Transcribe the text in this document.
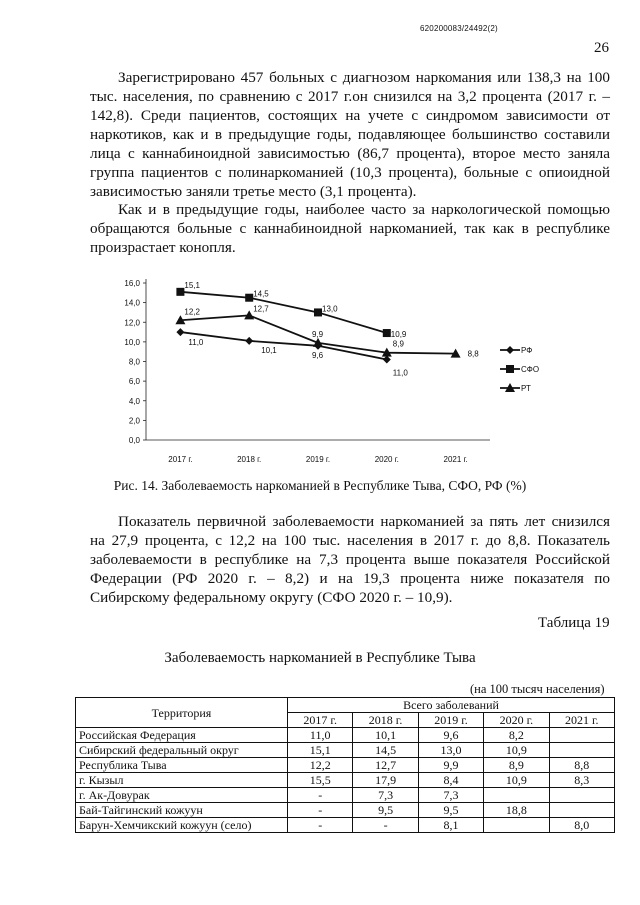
620200083/24492(2)
26

Зарегистрировано 457 больных с диагнозом наркомания или 138,3 на 100 тыс. населения, по сравнению с 2017 г.он снизился на 3,2 процента (2017 г. – 142,8). Среди пациентов, состоящих на учете с синдромом зависимости от наркотиков, как и в предыдущие годы, подавляющее большинство составили лица с каннабиноидной зависимостью (86,7 процента), второе место заняла группа пациентов с полинаркоманией (10,3 процента), больные с опиоидной зависимостью заняли третье место (3,1 процента).

Как и в предыдущие годы, наиболее часто за наркологической помощью обращаются больные с каннабиноидной наркоманией, так как в республике произрастает конопля.

0,0
2,0
4,0
6,0
8,0
10,0
12,0
14,0
16,0
2017 г.	2018 г.	2019 г.	2020 г.	2021 г.
11,0
10,1
9,6
11,0
15,1
14,5
13,0
10,9
12,2	12,7
9,9
8,9
8,8	РФ
СФО
РТ
Рис. 14. Заболеваемость наркоманией в Республике Тыва, СФО, РФ (%)

Показатель первичной заболеваемости наркоманией за пять лет снизился на 27,9 процента, с 12,2 на 100 тыс. населения в 2017 г. до 8,8. Показатель заболеваемости в республике на 7,3 процента выше показателя Российской Федерации (РФ 2020 г. – 8,2) и на 19,3 процента ниже показателя по Сибирскому федеральному округу (СФО 2020 г. – 10,9).

Таблица 19
Заболеваемость наркоманией в Республике Тыва
(на 100 тысяч населения)
Территория	Всего заболеваний				
	2017 г.	2018 г.	2019 г.	2020 г.	2021 г.
Российская Федерация	11,0	10,1	9,6	8,2	
Сибирский федеральный округ	15,1	14,5	13,0	10,9	
Республика Тыва	12,2	12,7	9,9	8,9	8,8
г. Кызыл	15,5	17,9	8,4	10,9	8,3
г. Ак-Довурак	-	7,3	7,3		
Бай-Тайгинский кожуун	-	9,5	9,5	18,8	
Барун-Хемчикский кожуун (село)	-	-	8,1		8,0
